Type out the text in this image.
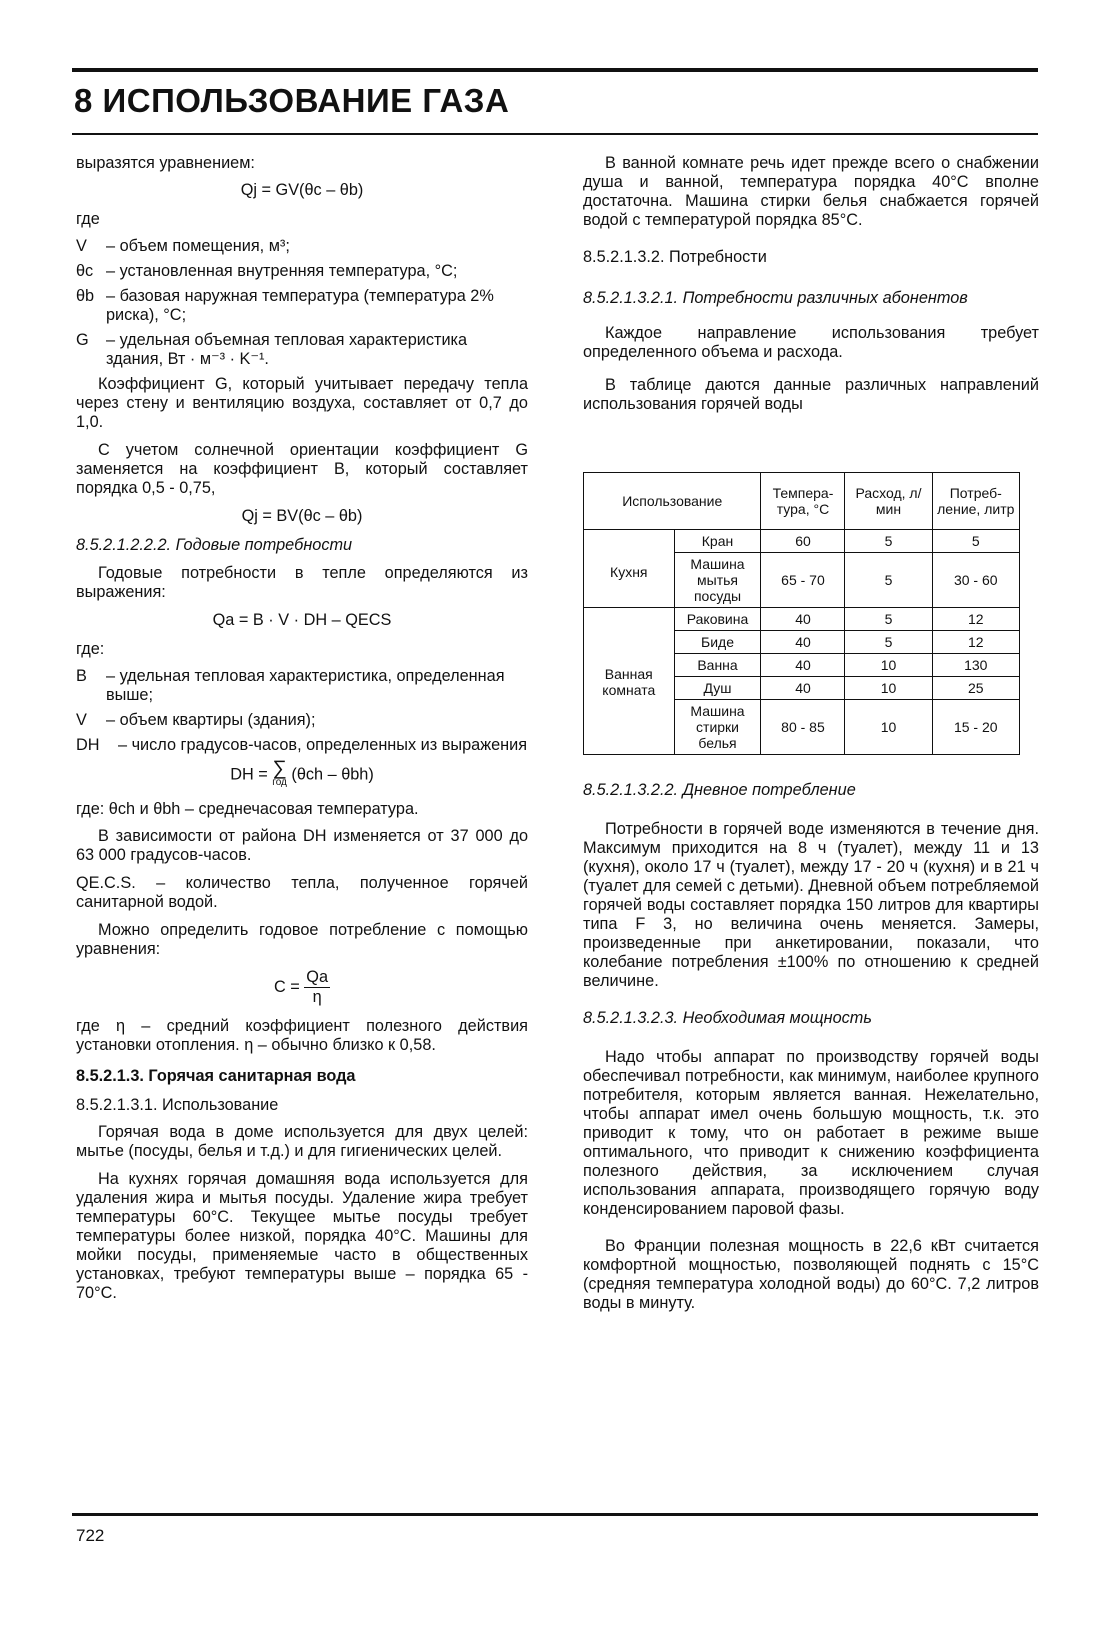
8 ИСПОЛЬЗОВАНИЕ ГАЗА

выразятся уравнением:

Qj = GV(θc – θb)

где

V	– объем помещения, м³;
θc – установленная внутренняя температура, °C;
θb – базовая наружная температура (температура 2% риска), °C;
G	– удельная объемная тепловая характеристика здания, Вт · м⁻³ · K⁻¹.

Коэффициент G, который учитывает передачу тепла через стену и вентиляцию воздуха, составляет от 0,7 до 1,0.

С учетом солнечной ориентации коэффициент G заменяется на коэффициент B, который составляет порядка 0,5 - 0,75,

Qj = BV(θc – θb)

8.5.2.1.2.2.2. Годовые потребности

Годовые потребности в тепле определяются из выражения:

Qa = B · V · DH – QECS

где:

B	– удельная тепловая характеристика, определенная выше;
V	– объем квартиры (здания);
DH	– число градусов-часов, определенных из выражения

DH = ∑
год (θch – θbh)

где: θch и θbh – среднечасовая температура.

В зависимости от района DH изменяется от 37 000 до 63 000 градусов-часов.

QE.C.S. – количество тепла, полученное горячей санитарной водой.

Можно определить годовое потребление с помощью уравнения:

$C = \frac{Qa}{\eta}$

где η – средний коэффициент полезного действия установки отопления. η – обычно близко к 0,58.

8.5.2.1.3. Горячая санитарная вода

8.5.2.1.3.1. Использование

Горячая вода в доме используется для двух целей: мытье (посуды, белья и т.д.) и для гигиенических целей.

На кухнях горячая домашняя вода используется для удаления жира и мытья посуды. Удаление жира требует температуры 60°C. Текущее мытье посуды требует температуры более низкой, порядка 40°C. Машины для мойки посуды, применяемые часто в общественных установках, требуют температуры выше – порядка 65 - 70°C.

В ванной комнате речь идет прежде всего о снабжении душа и ванной, температура порядка 40°C вполне достаточна. Машина стирки белья снабжается горячей водой с температурой порядка 85°C.

8.5.2.1.3.2. Потребности

8.5.2.1.3.2.1. Потребности различных абонентов

Каждое направление использования требует определенного объема и расхода.

В таблице даются данные различных направлений использования горячей воды

Использование		Темпера-тура, °C	Расход, л/мин	Потреб-ление, литр
Кухня	Кран	60	5	5
	Машина мытья посуды	65 - 70	5	30 - 60
Ванная комната	Раковина	40	5	12
	Биде	40	5	12
	Ванна	40	10	130
	Душ	40	10	25
	Машина стирки белья	80 - 85	10	15 - 20

8.5.2.1.3.2.2. Дневное потребление

Потребности в горячей воде изменяются в течение дня. Максимум приходится на 8 ч (туалет), между 11 и 13 (кухня), около 17 ч (туалет), между 17 - 20 ч (кухня) и в 21 ч (туалет для семей с детьми). Дневной объем потребляемой горячей воды составляет порядка 150 литров для квартиры типа F 3, но величина очень меняется. Замеры, произведенные при анкетировании, показали, что колебание потребления ±100% по отношению к средней величине.

8.5.2.1.3.2.3. Необходимая мощность

Надо чтобы аппарат по производству горячей воды обеспечивал потребности, как минимум, наиболее крупного потребителя, которым является ванная. Нежелательно, чтобы аппарат имел очень большую мощность, т.к. это приводит к тому, что он работает в режиме выше оптимального, что приводит к снижению коэффициента полезного действия, за исключением случая использования аппарата, производящего горячую воду конденсированием паровой фазы.

Во Франции полезная мощность в 22,6 кВт считается комфортной мощностью, позволяющей поднять с 15°C (средняя температура холодной воды) до 60°C. 7,2 литров воды в минуту.

722
